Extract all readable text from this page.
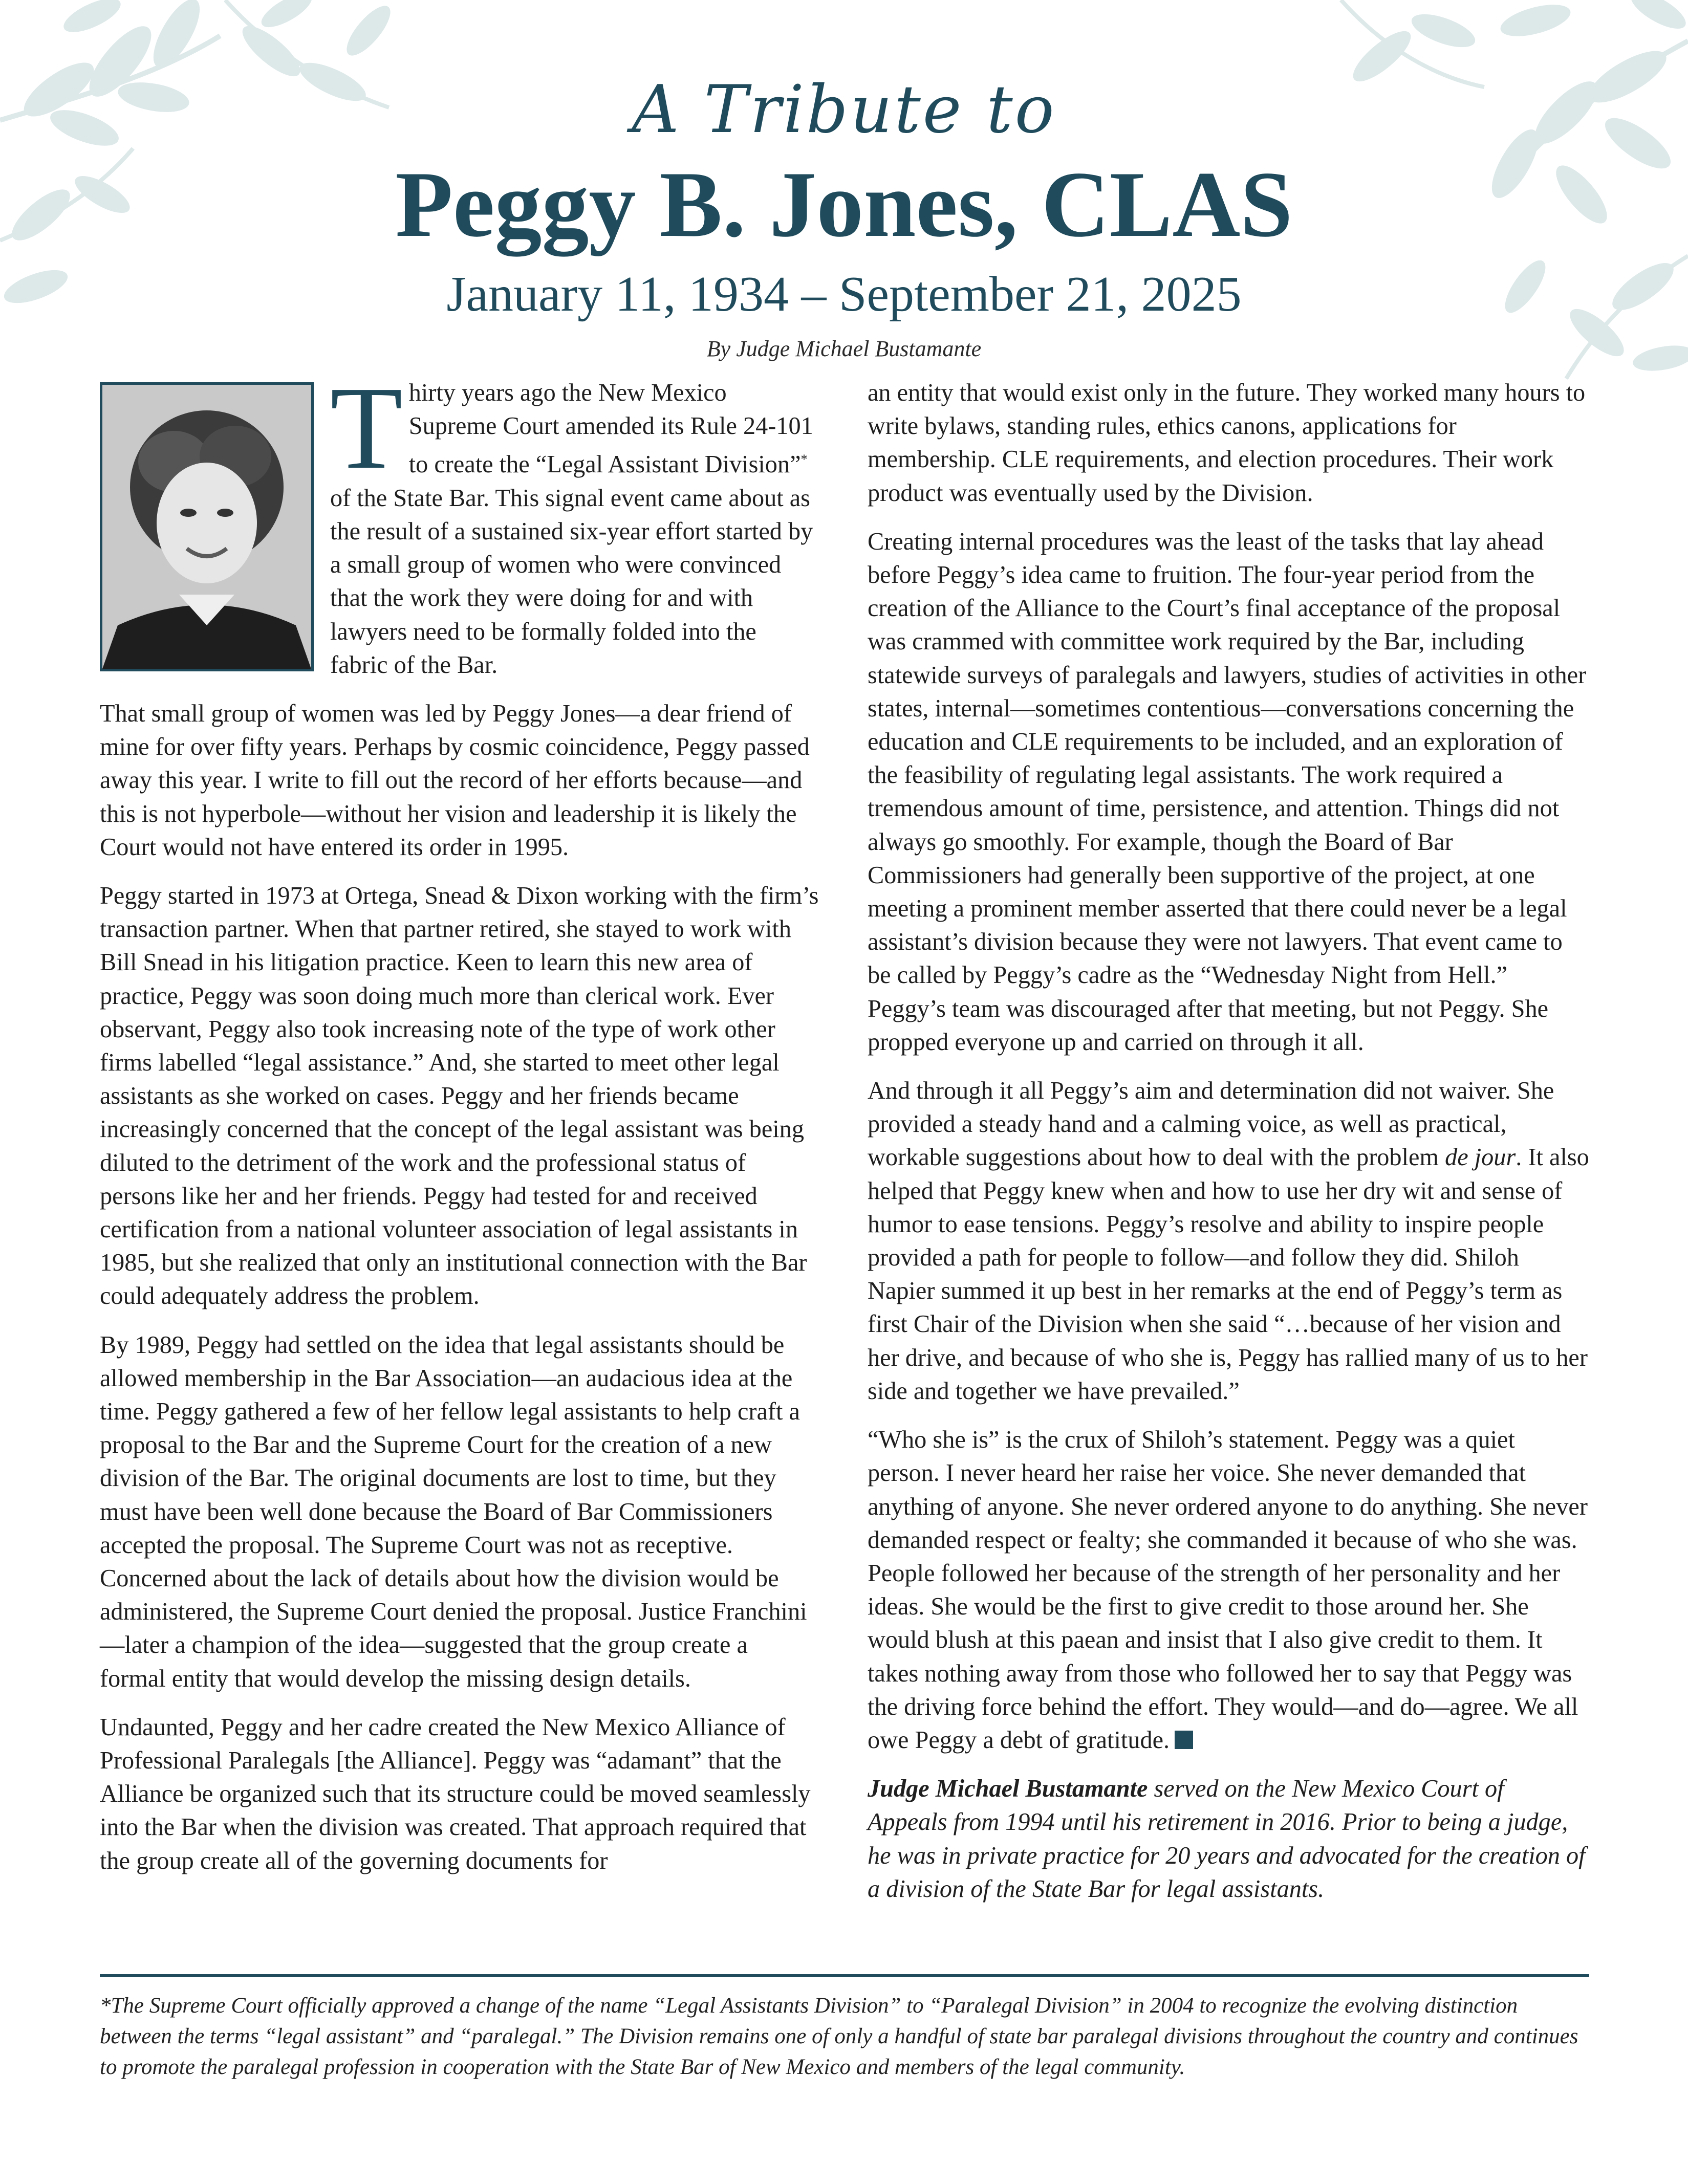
A Tribute to
Peggy B. Jones, CLAS
January 11, 1934 – September 21, 2025
By Judge Michael Bustamante

Thirty years ago the New Mexico Supreme Court amended its Rule 24-101 to create the “Legal Assistant Division”* of the State Bar. This signal event came about as the result of a sustained six-year effort started by a small group of women who were convinced that the work they were doing for and with lawyers need to be formally folded into the fabric of the Bar.

That small group of women was led by Peggy Jones—a dear friend of mine for over fifty years. Perhaps by cosmic coincidence, Peggy passed away this year. I write to fill out the record of her efforts because—and this is not hyperbole—without her vision and leadership it is likely the Court would not have entered its order in 1995.

Peggy started in 1973 at Ortega, Snead & Dixon working with the firm’s transaction partner. When that partner retired, she stayed to work with Bill Snead in his litigation practice. Keen to learn this new area of practice, Peggy was soon doing much more than clerical work. Ever observant, Peggy also took increasing note of the type of work other firms labelled “legal assistance.” And, she started to meet other legal assistants as she worked on cases. Peggy and her friends became increasingly concerned that the concept of the legal assistant was being diluted to the detriment of the work and the professional status of persons like her and her friends. Peggy had tested for and received certification from a national volunteer association of legal assistants in 1985, but she realized that only an institutional connection with the Bar could adequately address the problem.

By 1989, Peggy had settled on the idea that legal assistants should be allowed membership in the Bar Association—an audacious idea at the time. Peggy gathered a few of her fellow legal assistants to help craft a proposal to the Bar and the Supreme Court for the creation of a new division of the Bar. The original documents are lost to time, but they must have been well done because the Board of Bar Commissioners accepted the proposal. The Supreme Court was not as receptive. Concerned about the lack of details about how the division would be administered, the Supreme Court denied the proposal. Justice Franchini—later a champion of the idea—suggested that the group create a formal entity that would develop the missing design details.

Undaunted, Peggy and her cadre created the New Mexico Alliance of Professional Paralegals [the Alliance]. Peggy was “adamant” that the Alliance be organized such that its structure could be moved seamlessly into the Bar when the division was created. That approach required that the group create all of the governing documents for

an entity that would exist only in the future. They worked many hours to write bylaws, standing rules, ethics canons, applications for membership. CLE requirements, and election procedures. Their work product was eventually used by the Division.

Creating internal procedures was the least of the tasks that lay ahead before Peggy’s idea came to fruition. The four-year period from the creation of the Alliance to the Court’s final acceptance of the proposal was crammed with committee work required by the Bar, including statewide surveys of paralegals and lawyers, studies of activities in other states, internal—sometimes contentious—conversations concerning the education and CLE requirements to be included, and an exploration of the feasibility of regulating legal assistants. The work required a tremendous amount of time, persistence, and attention. Things did not always go smoothly. For example, though the Board of Bar Commissioners had generally been supportive of the project, at one meeting a prominent member asserted that there could never be a legal assistant’s division because they were not lawyers. That event came to be called by Peggy’s cadre as the “Wednesday Night from Hell.” Peggy’s team was discouraged after that meeting, but not Peggy. She propped everyone up and carried on through it all.

And through it all Peggy’s aim and determination did not waiver. She provided a steady hand and a calming voice, as well as practical, workable suggestions about how to deal with the problem de jour. It also helped that Peggy knew when and how to use her dry wit and sense of humor to ease tensions. Peggy’s resolve and ability to inspire people provided a path for people to follow—and follow they did. Shiloh Napier summed it up best in her remarks at the end of Peggy’s term as first Chair of the Division when she said “…because of her vision and her drive, and because of who she is, Peggy has rallied many of us to her side and together we have prevailed.”

“Who she is” is the crux of Shiloh’s statement. Peggy was a quiet person. I never heard her raise her voice. She never demanded that anything of anyone. She never ordered anyone to do anything. She never demanded respect or fealty; she commanded it because of who she was. People followed her because of the strength of her personality and her ideas. She would be the first to give credit to those around her. She would blush at this paean and insist that I also give credit to them. It takes nothing away from those who followed her to say that Peggy was the driving force behind the effort. They would—and do—agree. We all owe Peggy a debt of gratitude.

Judge Michael Bustamante served on the New Mexico Court of Appeals from 1994 until his retirement in 2016. Prior to being a judge, he was in private practice for 20 years and advocated for the creation of a division of the State Bar for legal assistants.

*The Supreme Court officially approved a change of the name “Legal Assistants Division” to “Paralegal Division” in 2004 to recognize the evolving distinction between the terms “legal assistant” and “paralegal.” The Division remains one of only a handful of state bar paralegal divisions throughout the country and continues to promote the paralegal profession in cooperation with the State Bar of New Mexico and members of the legal community.
